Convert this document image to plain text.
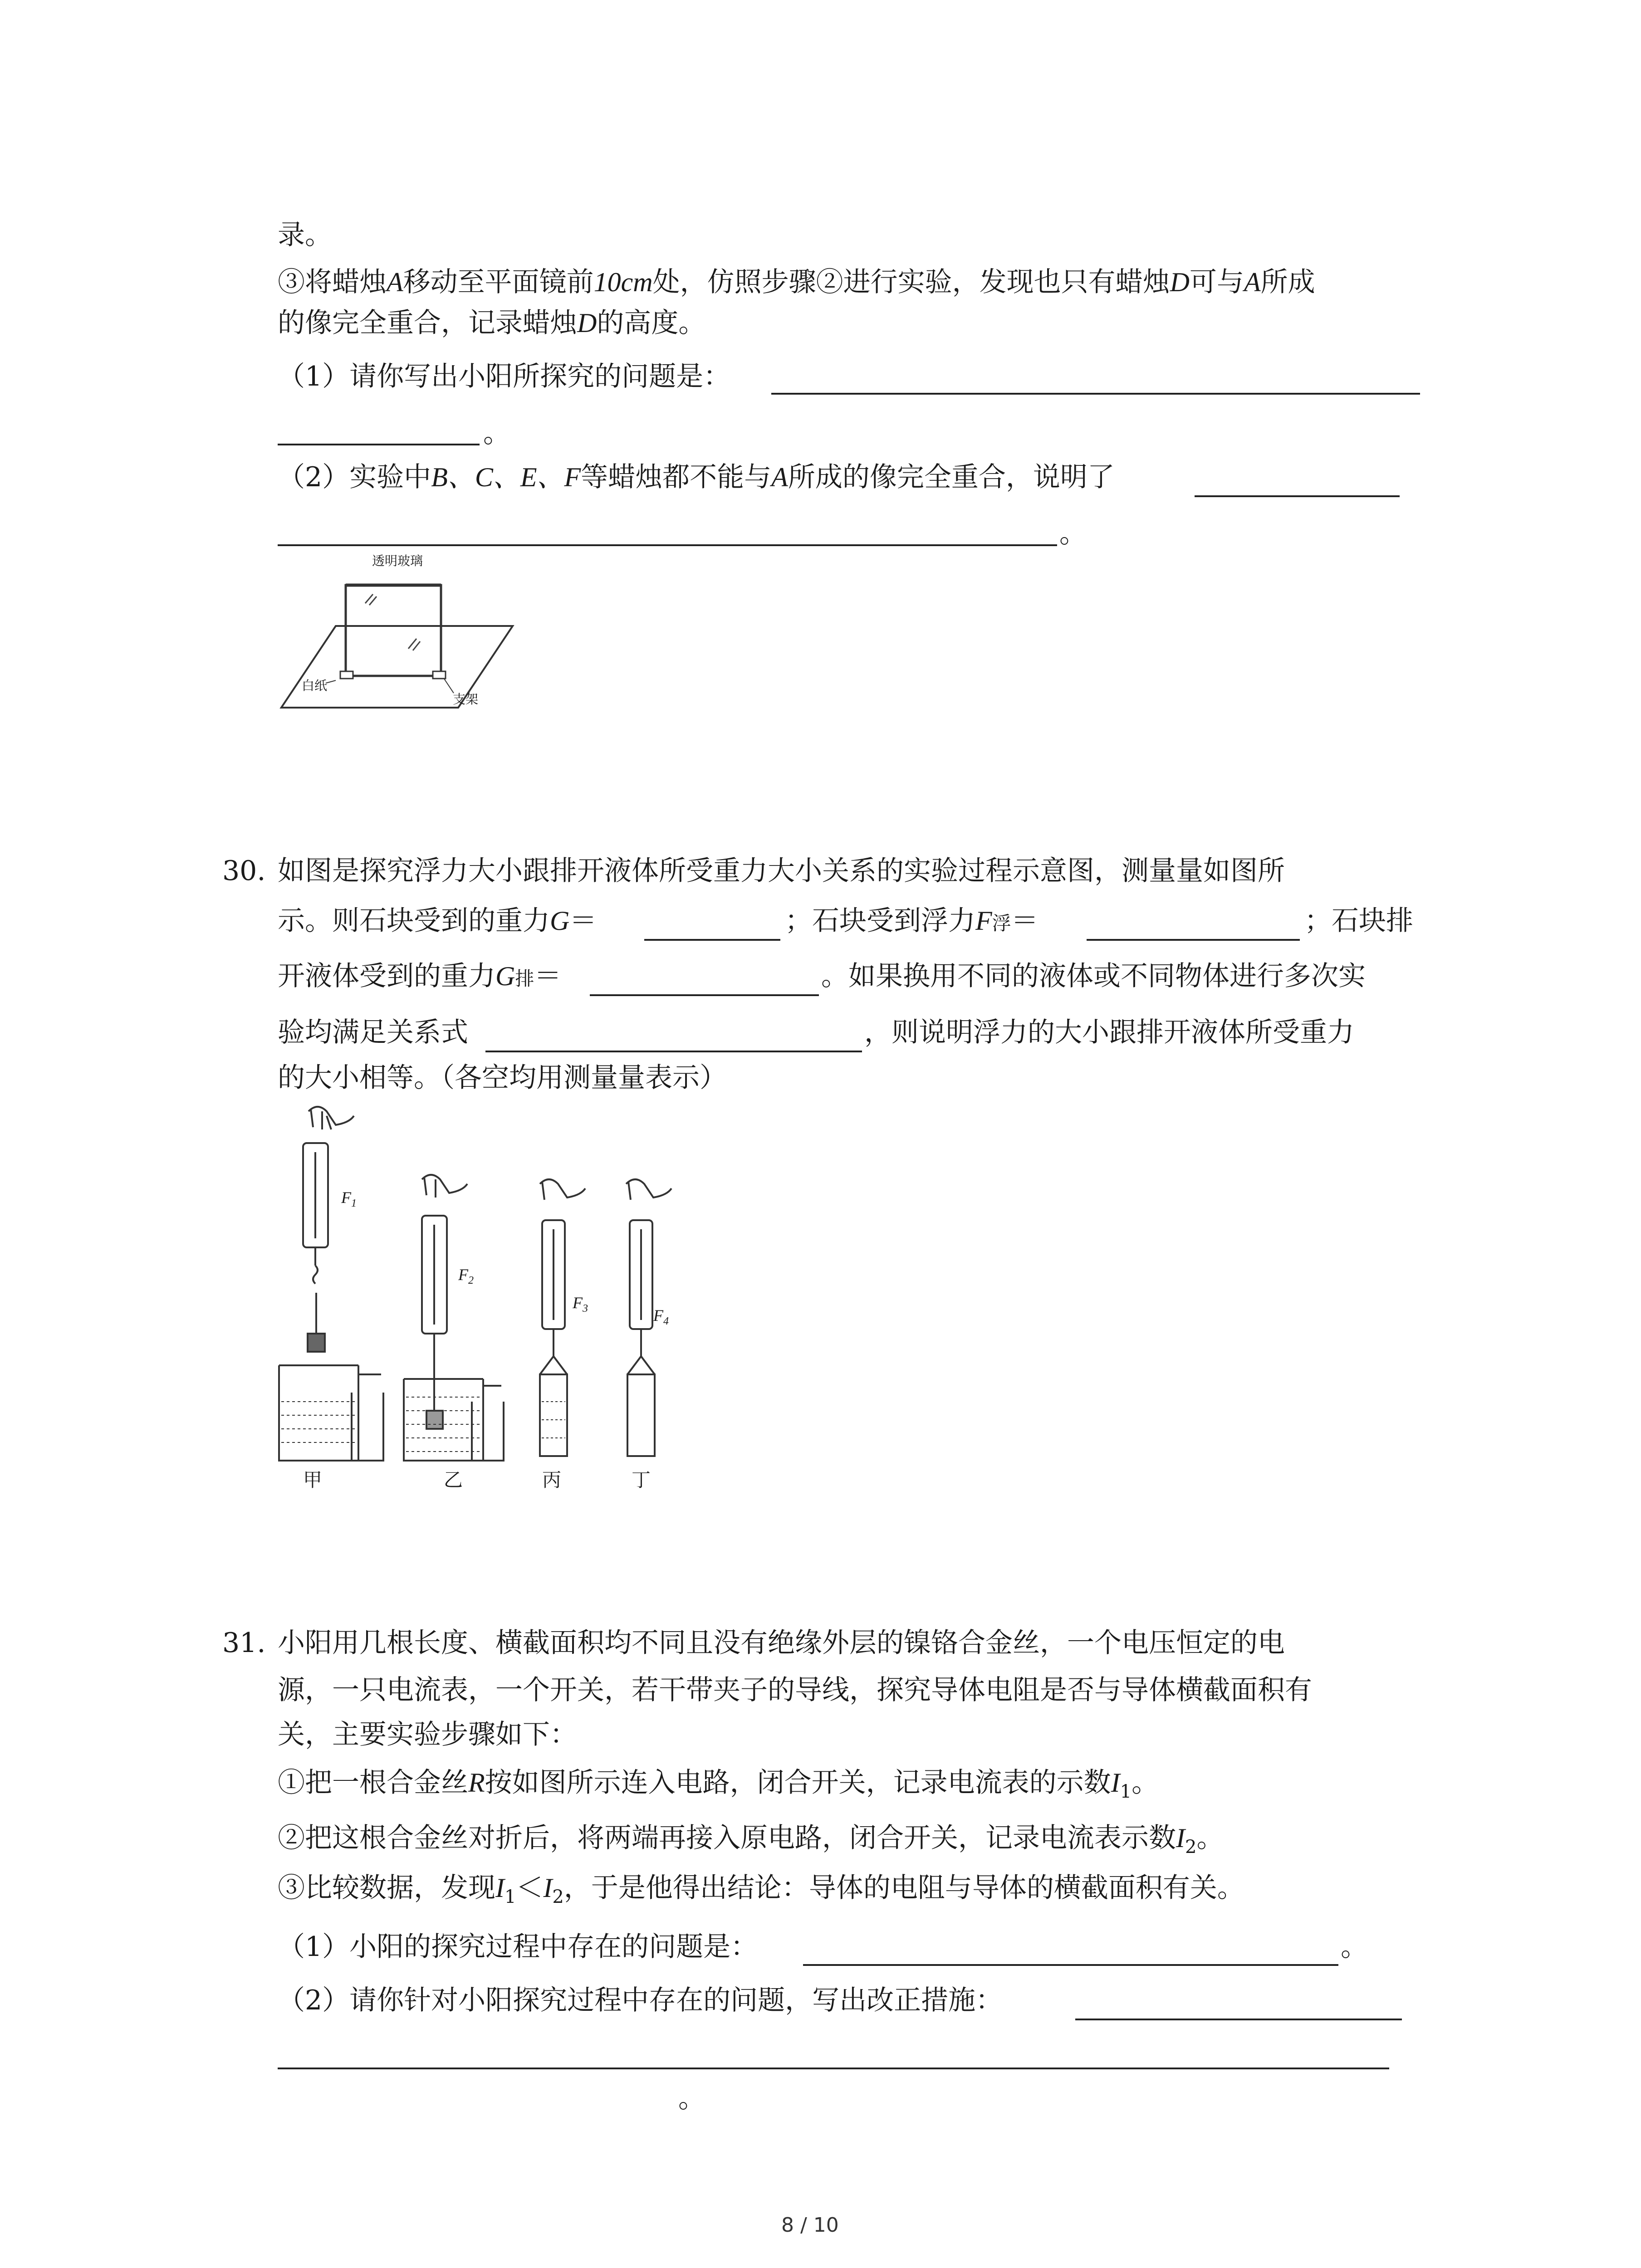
录。
③将蜡烛A移动至平面镜前10cm处，仿照步骤②进行实验，发现也只有蜡烛D可与A所成
的像完全重合，记录蜡烛D的高度。
（1）请你写出小阳所探究的问题是：
。
（2）实验中B、C、E、F等蜡烛都不能与A所成的像完全重合，说明了
。
透明玻璃
白纸
支架
30. 如图是探究浮力大小跟排开液体所受重力大小关系的实验过程示意图，测量量如图所
示。则石块受到的重力G＝	；石块受到浮力F浮＝	；石块排
开液体受到的重力G排＝	。如果换用不同的液体或不同物体进行多次实
验均满足关系式	，则说明浮力的大小跟排开液体所受重力
的大小相等。（各空均用测量量表示）
$F_1$
$F_2$
$F_3$	$F_4$
甲	乙	丙	丁
31. 小阳用几根长度、横截面积均不同且没有绝缘外层的镍铬合金丝，一个电压恒定的电
源，一只电流表，一个开关，若干带夹子的导线，探究导体电阻是否与导体横截面积有
关，主要实验步骤如下：
①把一根合金丝R按如图所示连入电路，闭合开关，记录电流表的示数$I_1$。
②把这根合金丝对折后，将两端再接入原电路，闭合开关，记录电流表示数$I_2$。
③比较数据，发现$I_1<I_2$，于是他得出结论：导体的电阻与导体的横截面积有关。
（1）小阳的探究过程中存在的问题是：	。
（2）请你针对小阳探究过程中存在的问题，写出改正措施：
。
8 / 10
